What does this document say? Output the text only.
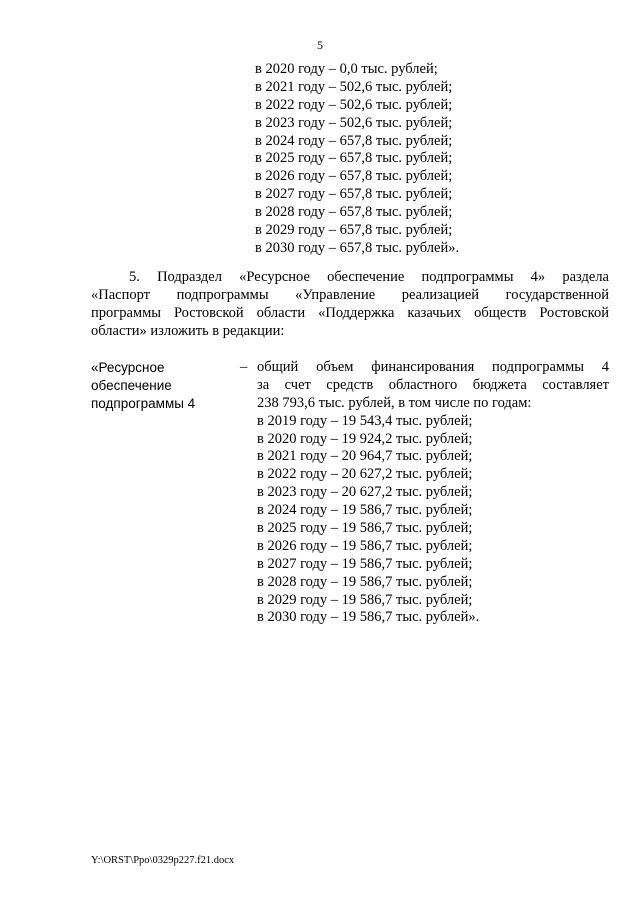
5
в 2020 году – 0,0 тыс. рублей;
в 2021 году – 502,6 тыс. рублей;
в 2022 году – 502,6 тыс. рублей;
в 2023 году – 502,6 тыс. рублей;
в 2024 году – 657,8 тыс. рублей;
в 2025 году – 657,8 тыс. рублей;
в 2026 году – 657,8 тыс. рублей;
в 2027 году – 657,8 тыс. рублей;
в 2028 году – 657,8 тыс. рублей;
в 2029 году – 657,8 тыс. рублей;
в 2030 году – 657,8 тыс. рублей».
5. Подраздел «Ресурсное обеспечение подпрограммы 4» раздела
«Паспорт подпрограммы «Управление реализацией государственной
программы Ростовской области «Поддержка казачьих обществ Ростовской
области» изложить в редакции:
«Ресурсное
обеспечение
подпрограммы 4
– общий объем финансирования подпрограммы 4
за счет средств областного бюджета составляет
238 793,6 тыс. рублей, в том числе по годам:
в 2019 году – 19 543,4 тыс. рублей;
в 2020 году – 19 924,2 тыс. рублей;
в 2021 году – 20 964,7 тыс. рублей;
в 2022 году – 20 627,2 тыс. рублей;
в 2023 году – 20 627,2 тыс. рублей;
в 2024 году – 19 586,7 тыс. рублей;
в 2025 году – 19 586,7 тыс. рублей;
в 2026 году – 19 586,7 тыс. рублей;
в 2027 году – 19 586,7 тыс. рублей;
в 2028 году – 19 586,7 тыс. рублей;
в 2029 году – 19 586,7 тыс. рублей;
в 2030 году – 19 586,7 тыс. рублей».
Y:\ORST\Ppo\0329p227.f21.docx
